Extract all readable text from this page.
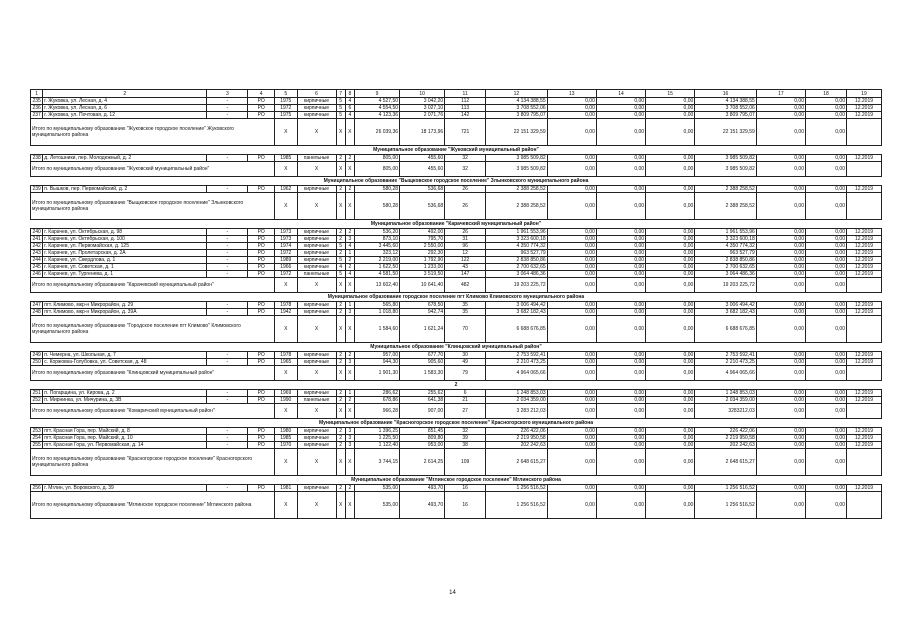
1	2	3	4	5	6	7	8	9	10	11	12	13	14	15	16	17	18	19
235	г. Жуковка, ул. Лесная, д. 4	-	РО	1975	кирпичные	5	4	4 527,50	3 042,20	112	4 134 388,55	0,00	0,00	0,00	4 134 388,55	0,00	0,00	12.2019
236	г. Жуковка, ул. Лесная, д. 6	-	РО	1972	кирпичные	5	6	4 554,50	3 027,10	113	3 708 552,06	0,00	0,00	0,00	3 708 552,06	0,00	0,00	12.2019
237	г. Жуковка, ул. Почтовая, д. 12	-	РО	1975	кирпичные	5	4	4 123,36	2 071,76	142	3 809 795,07	0,00	0,00	0,00	3 809 795,07	0,00	0,00	12.2019
Итого по муниципальному образованию "Жуковское городское поселение" Жуковского муниципального района				X	X	X	X	26 039,36	18 173,96	721	22 151 329,59	0,00	0,00	0,00	22 151 329,59	0,00	0,00	
Муниципальное образование "Жуковский муниципальный район"																		
238	д. Летошники, пер. Молодежный, д. 2	-	РО	1985	панельные	2	2	805,00	455,60	32	3 985 509,82	0,00	0,00	0,00	3 985 509,82	0,00	0,00	12.2019
Итого по муниципальному образованию "Жуковский муниципальный район"				X	X	X	X	805,00	455,60	32	3 985 509,82	0,00	0,00	0,00	3 985 509,82	0,00	0,00	
Муниципальное образование "Выщковское городское поселение" Злынковского муниципального района																		
239	п. Вышков, пер. Первомайский, д. 2	-	РО	1962	кирпичные	2	2	580,28	536,68	26	2 388 258,52	0,00	0,00	0,00	2 388 258,52	0,00	0,00	12.2019
Итого по муниципальному образованию "Выщковское городское поселение" Злынковского муниципального района				X	X	X	X	580,28	536,68	26	2 388 258,52	0,00	0,00	0,00	2 388 258,52	0,00	0,00	
Муниципальное образование "Карачевский муниципальный район"																		
240	г. Карачев, ул. Октябрьская, д. 98	-	РО	1973	кирпичные	2	2	536,20	492,00	26	1 961 553,96	0,00	0,00	0,00	1 961 553,96	0,00	0,00	12.2019
241	г. Карачев, ул. Октябрьская, д. 100	-	РО	1973	кирпичные	2	3	873,10	795,70	31	3 323 600,18	0,00	0,00	0,00	3 323 600,18	0,00	0,00	12.2019
242	г. Карачев, ул. Первомайская, д. 125	-	РО	1974	кирпичные	5	4	3 445,60	2 550,00	96	4 350 774,32	0,00	0,00	0,00	4 350 774,32	0,00	0,00	12.2019
243	г. Карачев, ул. Пролетарская, д. 2А	-	РО	1972	кирпичные	2	1	323,12	292,30	12	963 527,79	0,00	0,00	0,00	963 527,79	0,00	0,00	12.2019
244	г. Карачев, ул. Свердлова, д. 1	-	РО	1989	кирпичные	5	2	2 219,00	1 792,90	122	2 838 850,86	0,00	0,00	0,00	2 838 850,86	0,00	0,00	12.2019
245	г. Карачев, ул. Советская, д. 1	-	РО	1966	кирпичные	4	2	1 622,50	1 233,00	43	2 700 632,65	0,00	0,00	0,00	2 700 632,65	0,00	0,00	12.2019
246	г. Карачев, ул. Тургенева, д. 1	-	РО	1972	панельные	5	4	4 581,50	3 519,50	147	3 064 486,36	0,00	0,00	0,00	3 064 486,36	0,00	0,00	12.2019
Итого по муниципальному образованию "Карачевский муниципальный район"				X	X	X	X	13 602,40	10 641,40	482	19 203 225,72	0,00	0,00	0,00	19 203 225,72	0,00	0,00	
Муниципальное образование городское поселение пгт Климово Климовского муниципального района																		
247	пгт. Климово, мкр-н Микрорайон, д. 29	-	РО	1978	кирпичные	2	1	565,80	678,50	35	3 006 494,42	0,00	0,00	0,00	3 006 494,42	0,00	0,00	12.2019
248	пгт. Климово, мкр-н Микрорайон, д. 39А	-	РО	1942	кирпичные	2	3	1 018,80	942,74	35	3 682 182,43	0,00	0,00	0,00	3 682 182,43	0,00	0,00	12.2019
Итого по муниципальному образованию "Городское поселение пгт Климово" Климовского муниципального района				X	X	X	X	1 584,60	1 621,24	70	6 688 676,85	0,00	0,00	0,00	6 688 676,85	0,00	0,00	
Муниципальное образование "Клинцовский муниципальный район"																		
249	п. Чемерна, ул. Школьная, д. 7	-	РО	1978	кирпичные	2	2	957,00	677,70	30	2 753 592,41	0,00	0,00	0,00	2 753 592,41	0,00	0,00	12.2019
250	с. Коржовка-Голубовка, ул. Советская, д. 48	-	РО	1965	кирпичные	2	3	944,30	905,60	49	2 210 473,25	0,00	0,00	0,00	2 210 473,25	0,00	0,00	12.2019
Итого по муниципальному образованию "Клинцовский муниципальный район"				X	X	X	X	1 901,30	1 583,30	79	4 964 065,66	0,00	0,00	0,00	4 964 065,66	0,00	0,00	
2																		
251	п. Погарщина, ул. Кирова, д. 2	-	РО	1969	кирпичные	2	1	286,62	255,62	6	1 248 853,03	0,00	0,00	0,00	1 248 853,03	0,00	0,00	12.2019
252	п. Мирнинка, ул. Мичурина, д. 3В	-	РО	1990	панельные	2	2	678,86	641,38	21	2 034 359,00	0,00	0,00	0,00	2 034 359,00	0,00	0,00	12.2019
Итого по муниципальному образованию "Комаричский муниципальный район"				X	X	X	X	966,28	907,00	27	3 283 212,03	0,00	0,00	0,00	3283212,03	0,00	0,00	
Муниципальное образование "Красногорское городское поселение" Красногорского муниципального района																		
253	пгт. Красная Гора, пер. Майский, д. 8	-	РО	1980	кирпичные	2	3	1 396,25	851,45	32	226 422,06	0,00	0,00	0,00	226 422,06	0,00	0,00	12.2019
254	пгт. Красная Гора, пер. Майский, д. 10	-	РО	1985	кирпичные	2	3	1 225,50	809,80	39	2 219 950,58	0,00	0,00	0,00	2 219 950,58	0,00	0,00	12.2019
255	пгт. Красная Гора, ул. Первомайская, д. 14	-	РО	1970	кирпичные	2	3	1 122,40	953,00	38	202 242,63	0,00	0,00	0,00	202 242,63	0,00	0,00	12.2019
Итого по муниципальному образованию "Красногорское городское поселение" Красногорского муниципального района				X	X	X	X	3 744,15	2 614,25	109	2 648 615,27	0,00	0,00	0,00	2 648 615,27	0,00	0,00	
Муниципальное образование "Мглинское городское поселение" Мглинского района																		
256	г. Мглин, ул. Воровского, д. 39	-	РО	1981	кирпичные	2	2	535,00	493,70	16	1 256 516,52	0,00	0,00	0,00	1 256 516,52	0,00	0,00	12.2019
Итого по муниципальному образованию "Мглинское городское поселение" Мглинского района				X	X	X	X	535,00	493,70	16	1 256 516,52	0,00	0,00	0,00	1 256 516,52	0,00	0,00	
14
